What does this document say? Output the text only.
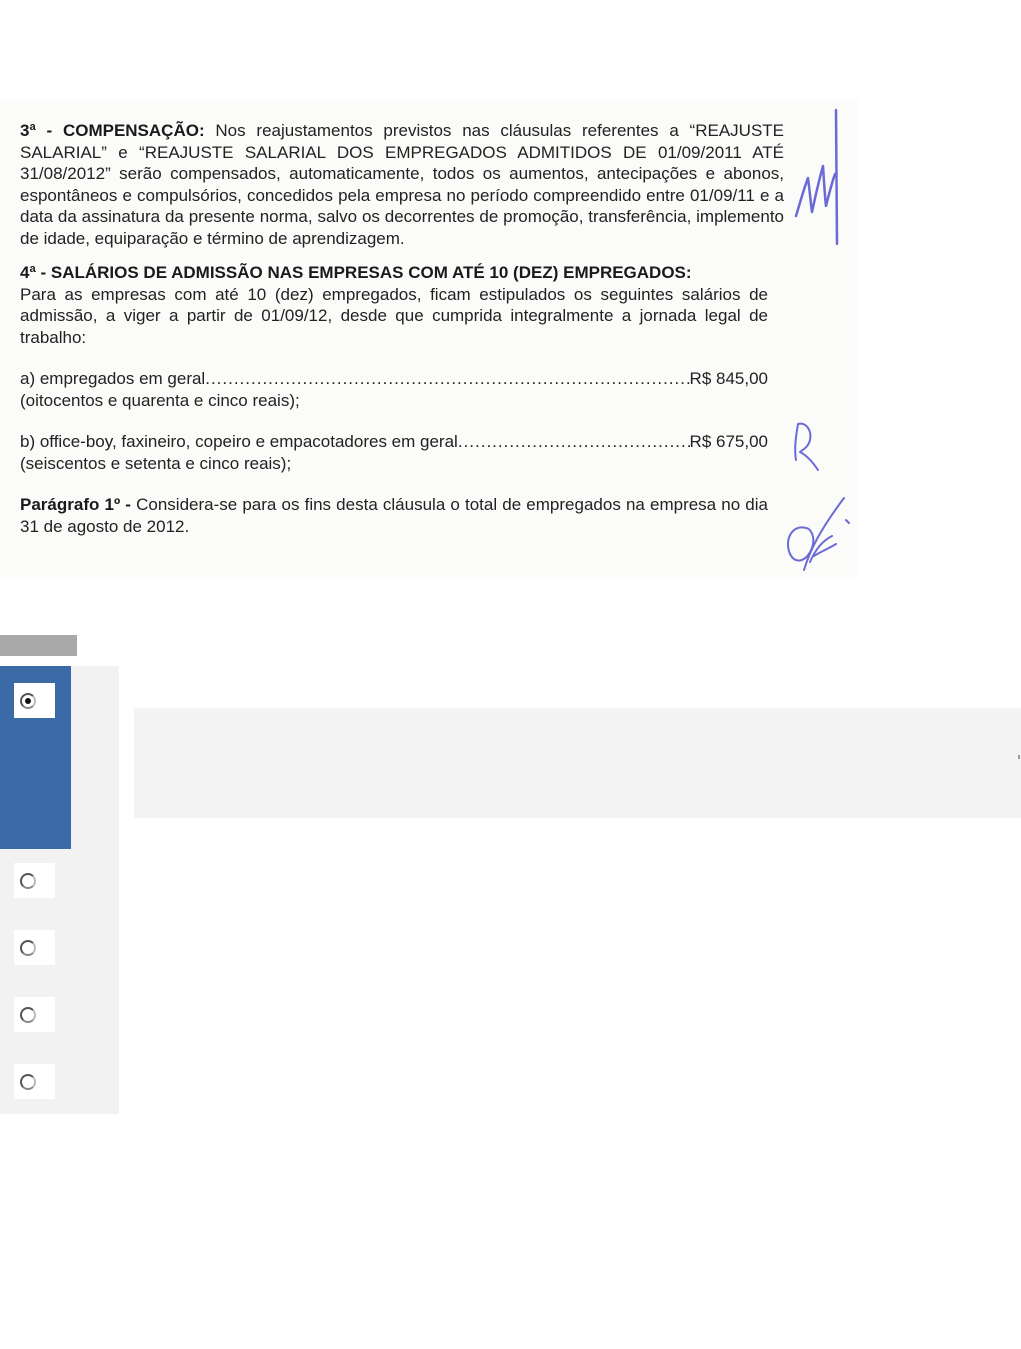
3ª - COMPENSAÇÃO: Nos reajustamentos previstos nas cláusulas referentes a “REAJUSTE SALARIAL” e “REAJUSTE SALARIAL DOS EMPREGADOS ADMITIDOS DE 01/09/2011 ATÉ 31/08/2012” serão compensados, automaticamente, todos os aumentos, antecipações e abonos, espontâneos e compulsórios, concedidos pela empresa no período compreendido entre 01/09/11 e a data da assinatura da presente norma, salvo os decorrentes de promoção, transferência, implemento de idade, equiparação e término de aprendizagem.

4ª - SALÁRIOS DE ADMISSÃO NAS EMPRESAS COM ATÉ 10 (DEZ) EMPREGADOS:

Para as empresas com até 10 (dez) empregados, ficam estipulados os seguintes salários de admissão, a viger a partir de 01/09/12, desde que cumprida integralmente a jornada legal de trabalho:

a) empregados em geral .....	R$ 845,00

(oitocentos e quarenta e cinco reais);

b) office-boy, faxineiro, copeiro e empacotadores em geral .....	R$ 675,00

(seiscentos e setenta e cinco reais);

Parágrafo 1º - Considera-se para os fins desta cláusula o total de empregados na empresa no dia 31 de agosto de 2012.
